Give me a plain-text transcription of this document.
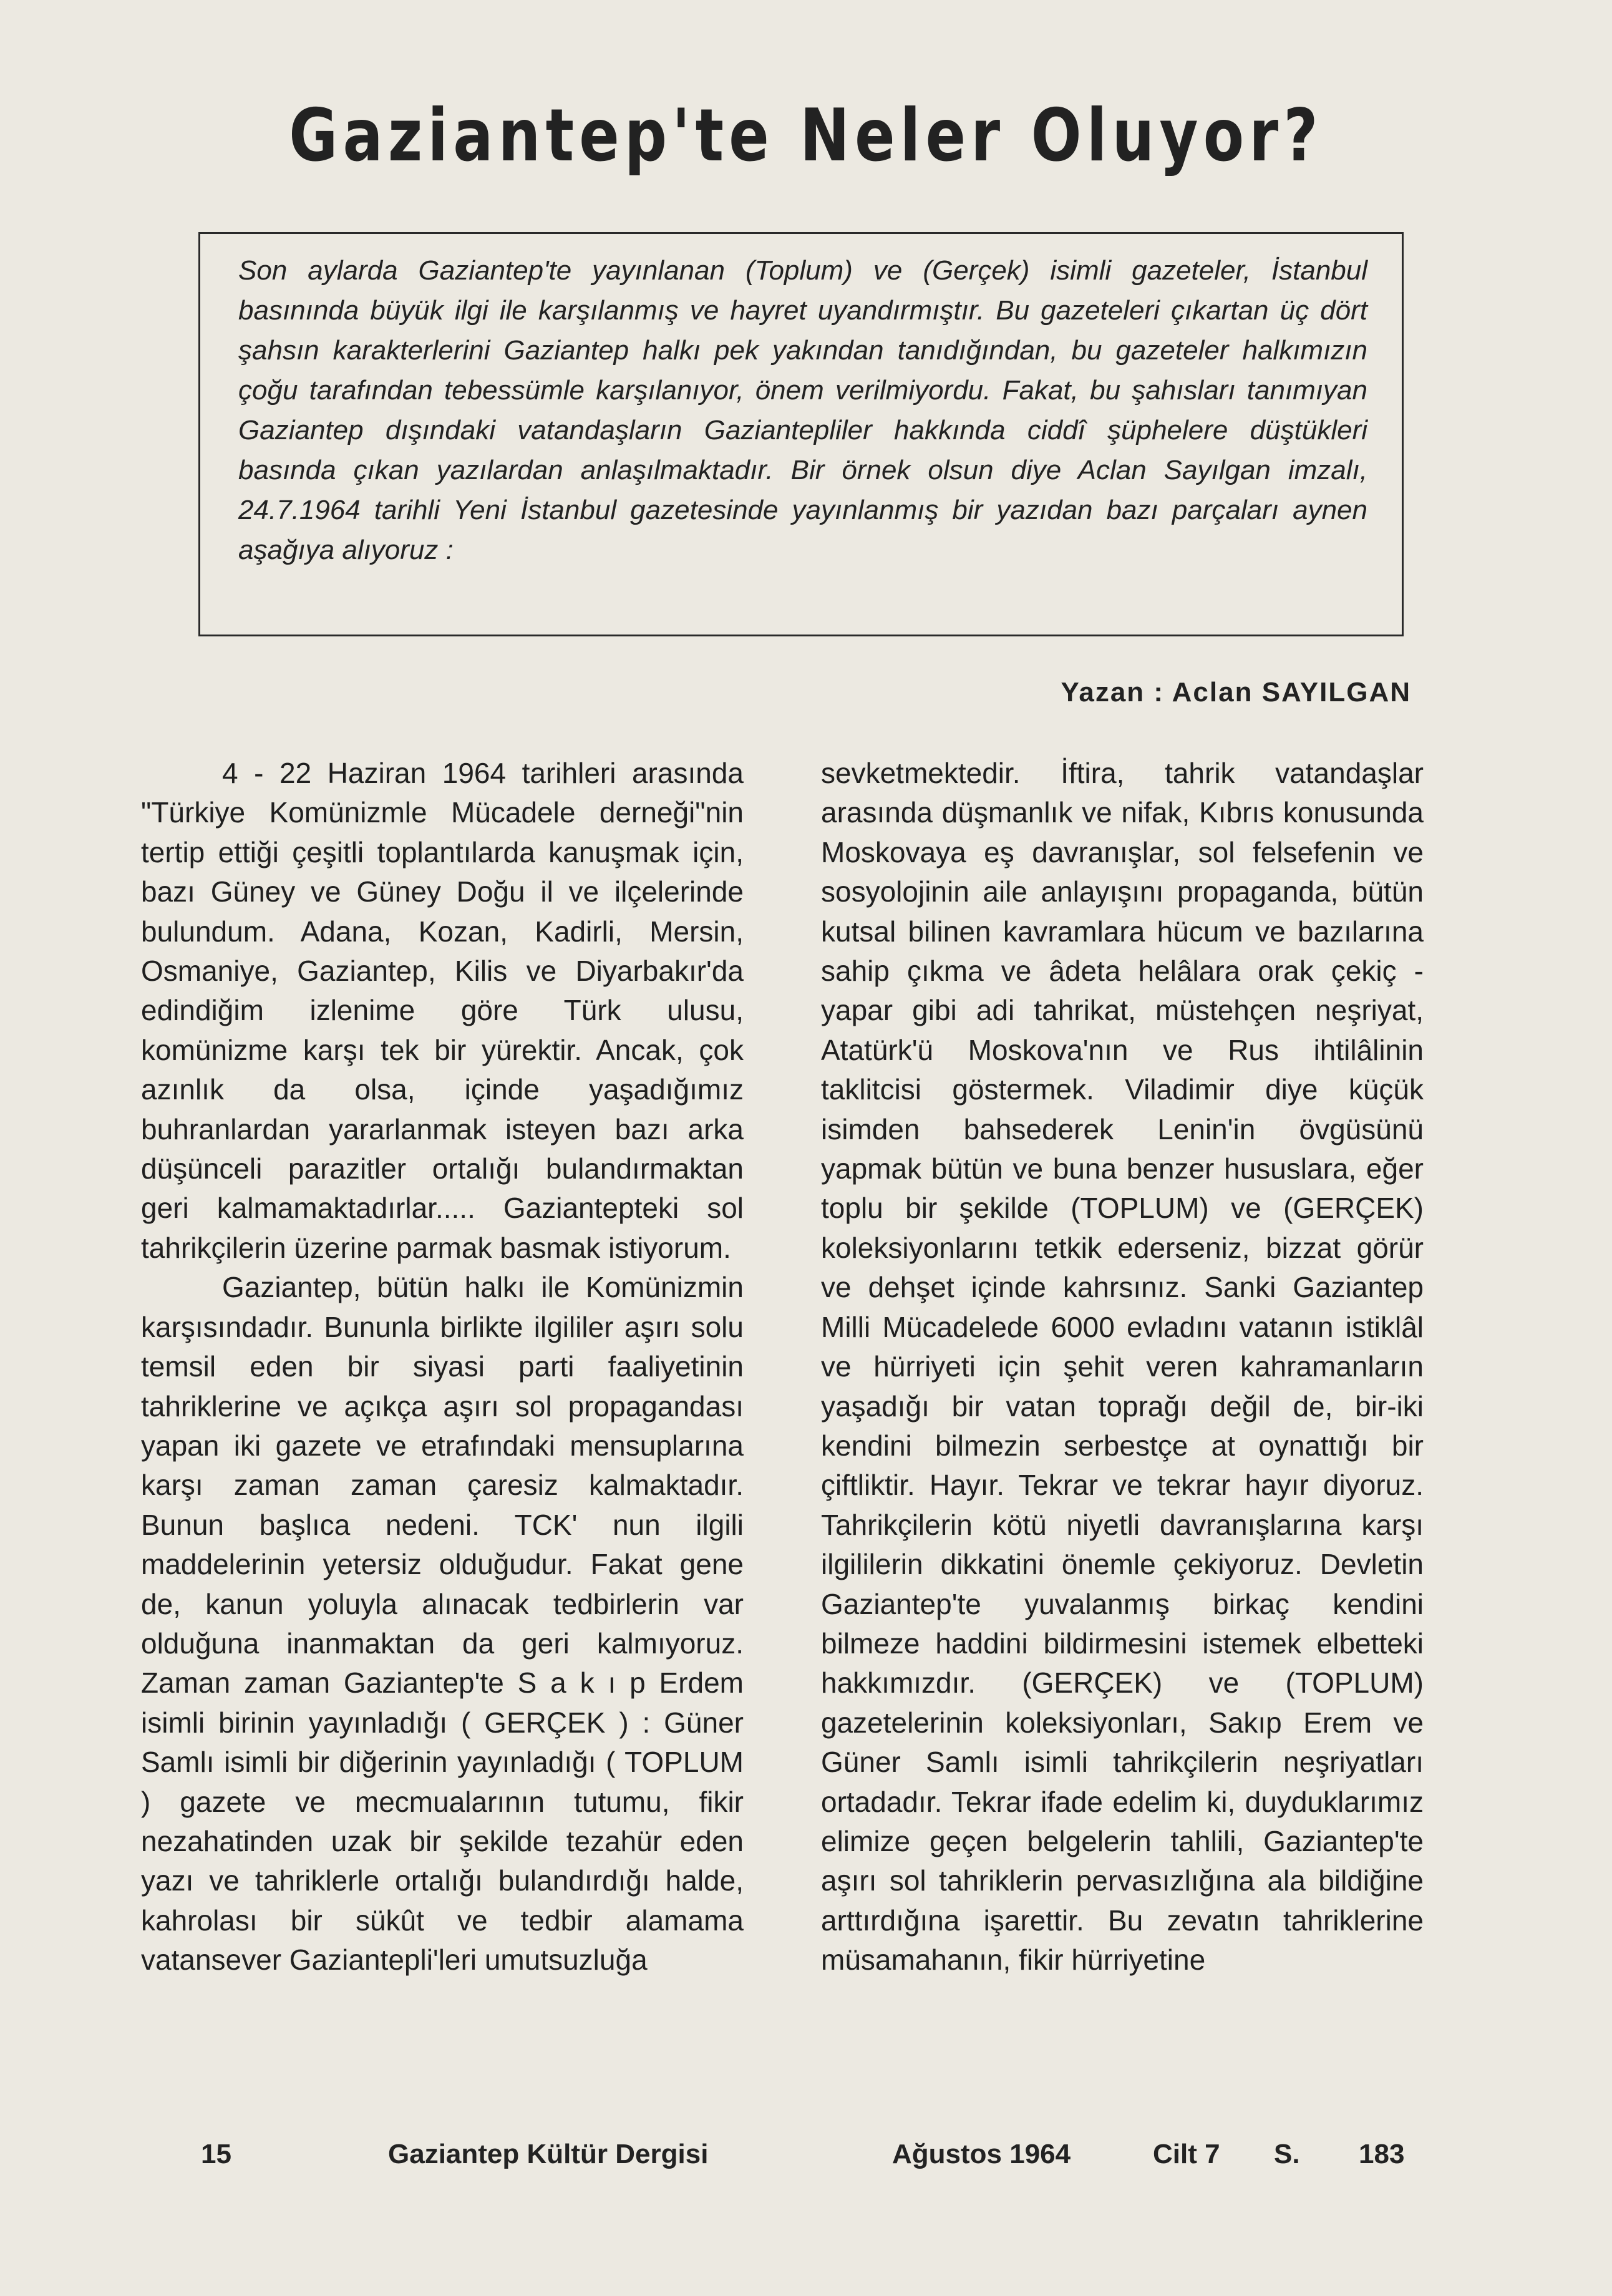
Gaziantep'te Neler Oluyor?
Son aylarda Gaziantep'te yayınlanan (Toplum) ve (Gerçek) isimli gazeteler, İstanbul basınında büyük ilgi ile karşılanmış ve hayret uyandırmıştır. Bu gazeteleri çıkartan üç dört şahsın karakterlerini Gaziantep halkı pek yakından tanıdığından, bu gazeteler halkımızın çoğu tarafından tebessümle karşılanıyor, önem verilmiyordu. Fakat, bu şahısları tanımıyan Gaziantep dışındaki vatandaşların Gaziantepliler hakkında ciddî şüphelere düştükleri basında çıkan yazılardan anlaşılmaktadır. Bir örnek olsun diye Aclan Sayılgan imzalı, 24.7.1964 tarihli Yeni İstanbul gazetesinde yayınlanmış bir yazıdan bazı parçaları aynen aşağıya alıyoruz :
Yazan : Aclan SAYILGAN

4 - 22 Haziran 1964 tarihleri arasında "Türkiye Komünizmle Mücadele derneği"nin tertip ettiği çeşitli toplantılarda kanuşmak için, bazı Güney ve Güney Doğu il ve ilçelerinde bulundum. Adana, Kozan, Kadirli, Mersin, Osmaniye, Gaziantep, Kilis ve Diyarbakır'da edindiğim izlenime göre Türk ulusu, komünizme karşı tek bir yürektir. Ancak, çok azınlık da olsa, içinde yaşadığımız buhranlardan yararlanmak isteyen bazı arka düşünceli parazitler ortalığı bulandırmaktan geri kalmamaktadırlar..... Gaziantepteki sol tahrikçilerin üzerine parmak basmak istiyorum.

Gaziantep, bütün halkı ile Komünizmin karşısındadır. Bununla birlikte ilgililer aşırı solu temsil eden bir siyasi parti faaliyetinin tahriklerine ve açıkça aşırı sol propagandası yapan iki gazete ve etrafındaki mensuplarına karşı zaman zaman çaresiz kalmaktadır. Bunun başlıca nedeni. TCK' nun ilgili maddelerinin yetersiz olduğudur. Fakat gene de, kanun yoluyla alınacak tedbirlerin var olduğuna inanmaktan da geri kalmıyoruz. Zaman zaman Gaziantep'te S a k ı p Erdem isimli birinin yayınladığı ( GERÇEK ) : Güner Samlı isimli bir diğerinin yayınladığı ( TOPLUM ) gazete ve mecmualarının tutumu, fikir nezahatinden uzak bir şekilde tezahür eden yazı ve tahriklerle ortalığı bulandırdığı halde, kahrolası bir sükût ve tedbir alamama vatansever Gaziantepli'leri umutsuzluğa

sevketmektedir. İftira, tahrik vatandaşlar arasında düşmanlık ve nifak, Kıbrıs konusunda Moskovaya eş davranışlar, sol felsefenin ve sosyolojinin aile anlayışını propaganda, bütün kutsal bilinen kavramlara hücum ve bazılarına sahip çıkma ve âdeta helâlara orak çekiç - yapar gibi adi tahrikat, müstehçen neşriyat, Atatürk'ü Moskova'nın ve Rus ihtilâlinin taklitcisi göstermek. Viladimir diye küçük isimden bahsederek Lenin'in övgüsünü yapmak bütün ve buna benzer hususlara, eğer toplu bir şekilde (TOPLUM) ve (GERÇEK) koleksiyonlarını tetkik ederseniz, bizzat görür ve dehşet içinde kahrsınız. Sanki Gaziantep Milli Mücadelede 6000 evladını vatanın istiklâl ve hürriyeti için şehit veren kahramanların yaşadığı bir vatan toprağı değil de, bir-iki kendini bilmezin serbestçe at oynattığı bir çiftliktir. Hayır. Tekrar ve tekrar hayır diyoruz. Tahrikçilerin kötü niyetli davranışlarına karşı ilgililerin dikkatini önemle çekiyoruz. Devletin Gaziantep'te yuvalanmış birkaç kendini bilmeze haddini bildirmesini istemek elbetteki hakkımızdır. (GERÇEK) ve (TOPLUM) gazetelerinin koleksiyonları, Sakıp Erem ve Güner Samlı isimli tahrikçilerin neşriyatları ortadadır. Tekrar ifade edelim ki, duyduklarımız elimize geçen belgelerin tahlili, Gaziantep'te aşırı sol tahriklerin pervasızlığına ala bildiğine arttırdığına işarettir. Bu zevatın tahriklerine müsamahanın, fikir hürriyetine

15	Gaziantep Kültür Dergisi	Ağustos 1964	Cilt 7 S. 183
